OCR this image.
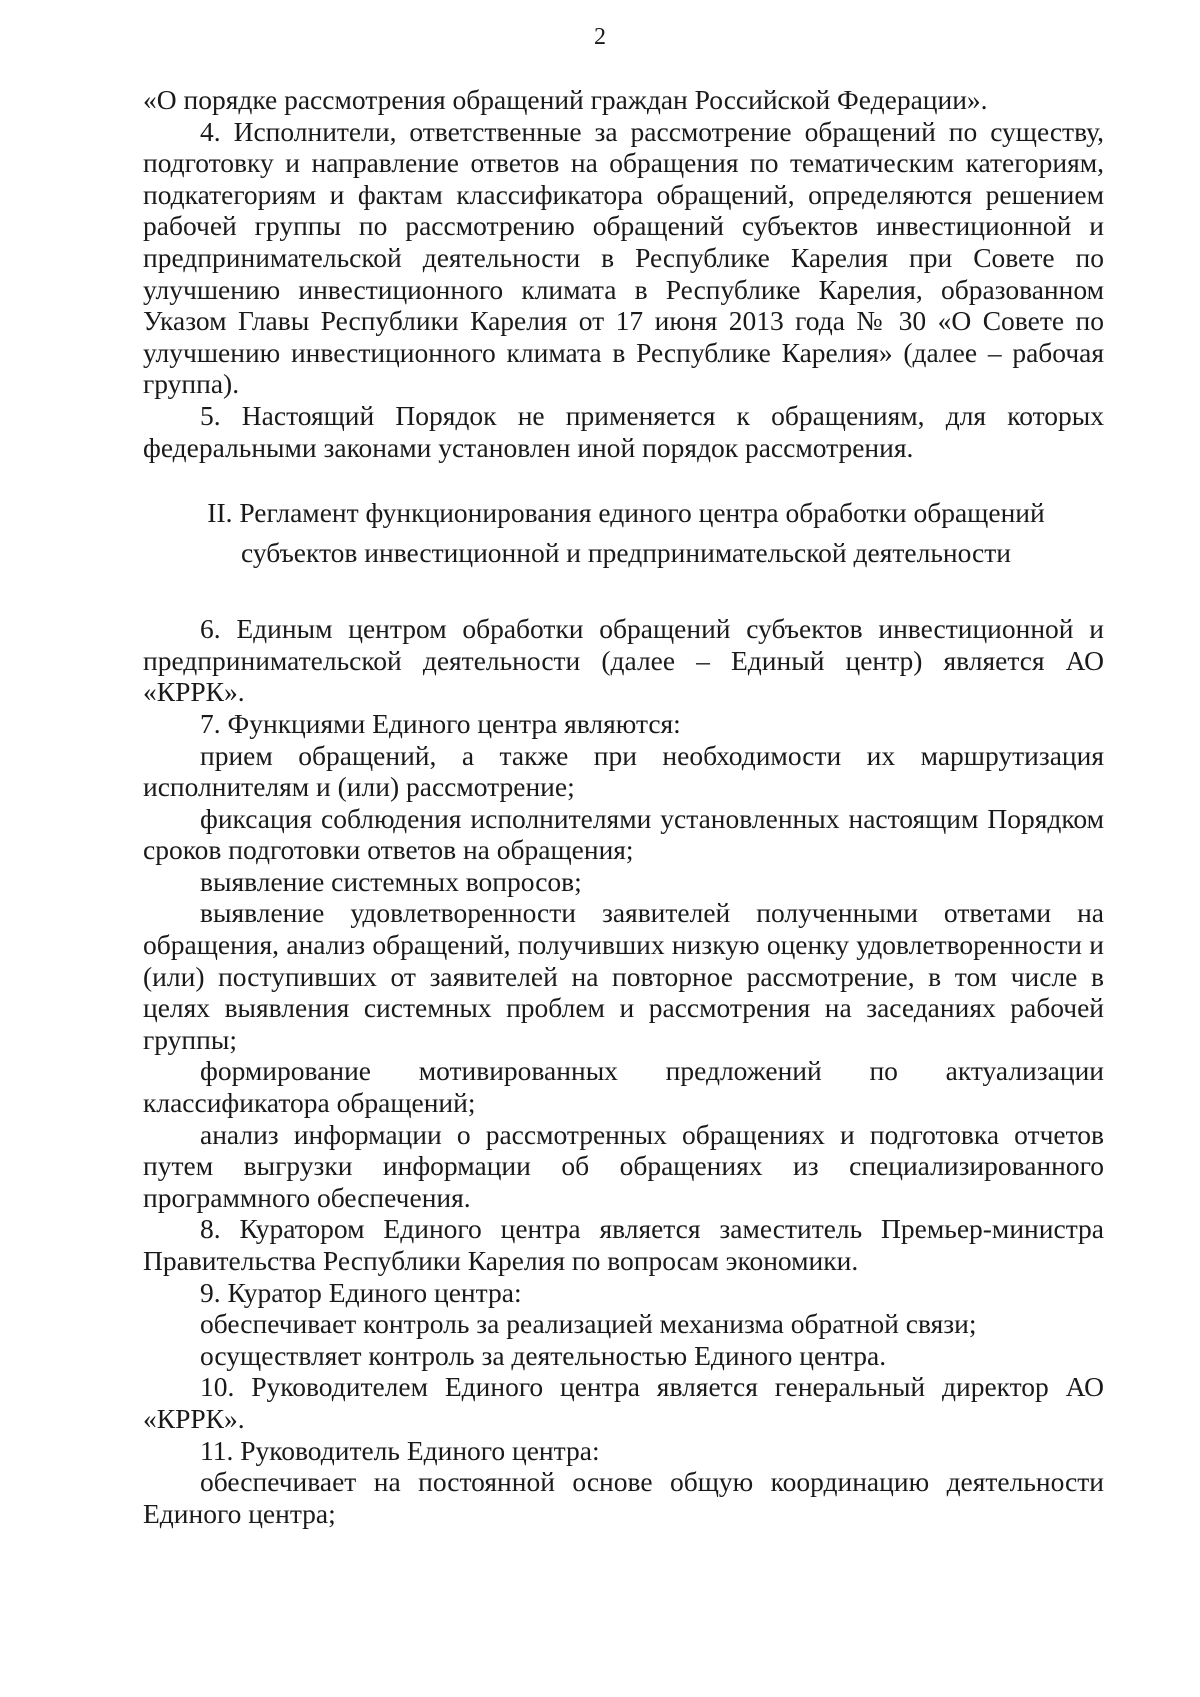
2

«О порядке рассмотрения обращений граждан Российской Федерации».

4. Исполнители, ответственные за рассмотрение обращений по существу, подготовку и направление ответов на обращения по тематическим категориям, подкатегориям и фактам классификатора обращений, определяются решением рабочей группы по рассмотрению обращений субъектов инвестиционной и предпринимательской деятельности в Республике Карелия при Совете по улучшению инвестиционного климата в Республике Карелия, образованном Указом Главы Республики Карелия от 17 июня 2013 года № 30 «О Совете по улучшению инвестиционного климата в Республике Карелия» (далее – рабочая группа).

5. Настоящий Порядок не применяется к обращениям, для которых федеральными законами установлен иной порядок рассмотрения.

II. Регламент функционирования единого центра обработки обращений
субъектов инвестиционной и предпринимательской деятельности

6. Единым центром обработки обращений субъектов инвестиционной и предпринимательской деятельности (далее – Единый центр) является АО «КРРК».

7. Функциями Единого центра являются:

прием обращений, а также при необходимости их маршрутизация исполнителям и (или) рассмотрение;

фиксация соблюдения исполнителями установленных настоящим Порядком сроков подготовки ответов на обращения;

выявление системных вопросов;

выявление удовлетворенности заявителей полученными ответами на обращения, анализ обращений, получивших низкую оценку удовлетворенности и (или) поступивших от заявителей на повторное рассмотрение, в том числе в целях выявления системных проблем и рассмотрения на заседаниях рабочей группы;

формирование мотивированных предложений по актуализации классификатора обращений;

анализ информации о рассмотренных обращениях и подготовка отчетов путем выгрузки информации об обращениях из специализированного программного обеспечения.

8. Куратором Единого центра является заместитель Премьер-министра Правительства Республики Карелия по вопросам экономики.

9. Куратор Единого центра:

обеспечивает контроль за реализацией механизма обратной связи;

осуществляет контроль за деятельностью Единого центра.

10. Руководителем Единого центра является генеральный директор АО «КРРК».

11. Руководитель Единого центра:

обеспечивает на постоянной основе общую координацию деятельности Единого центра;
